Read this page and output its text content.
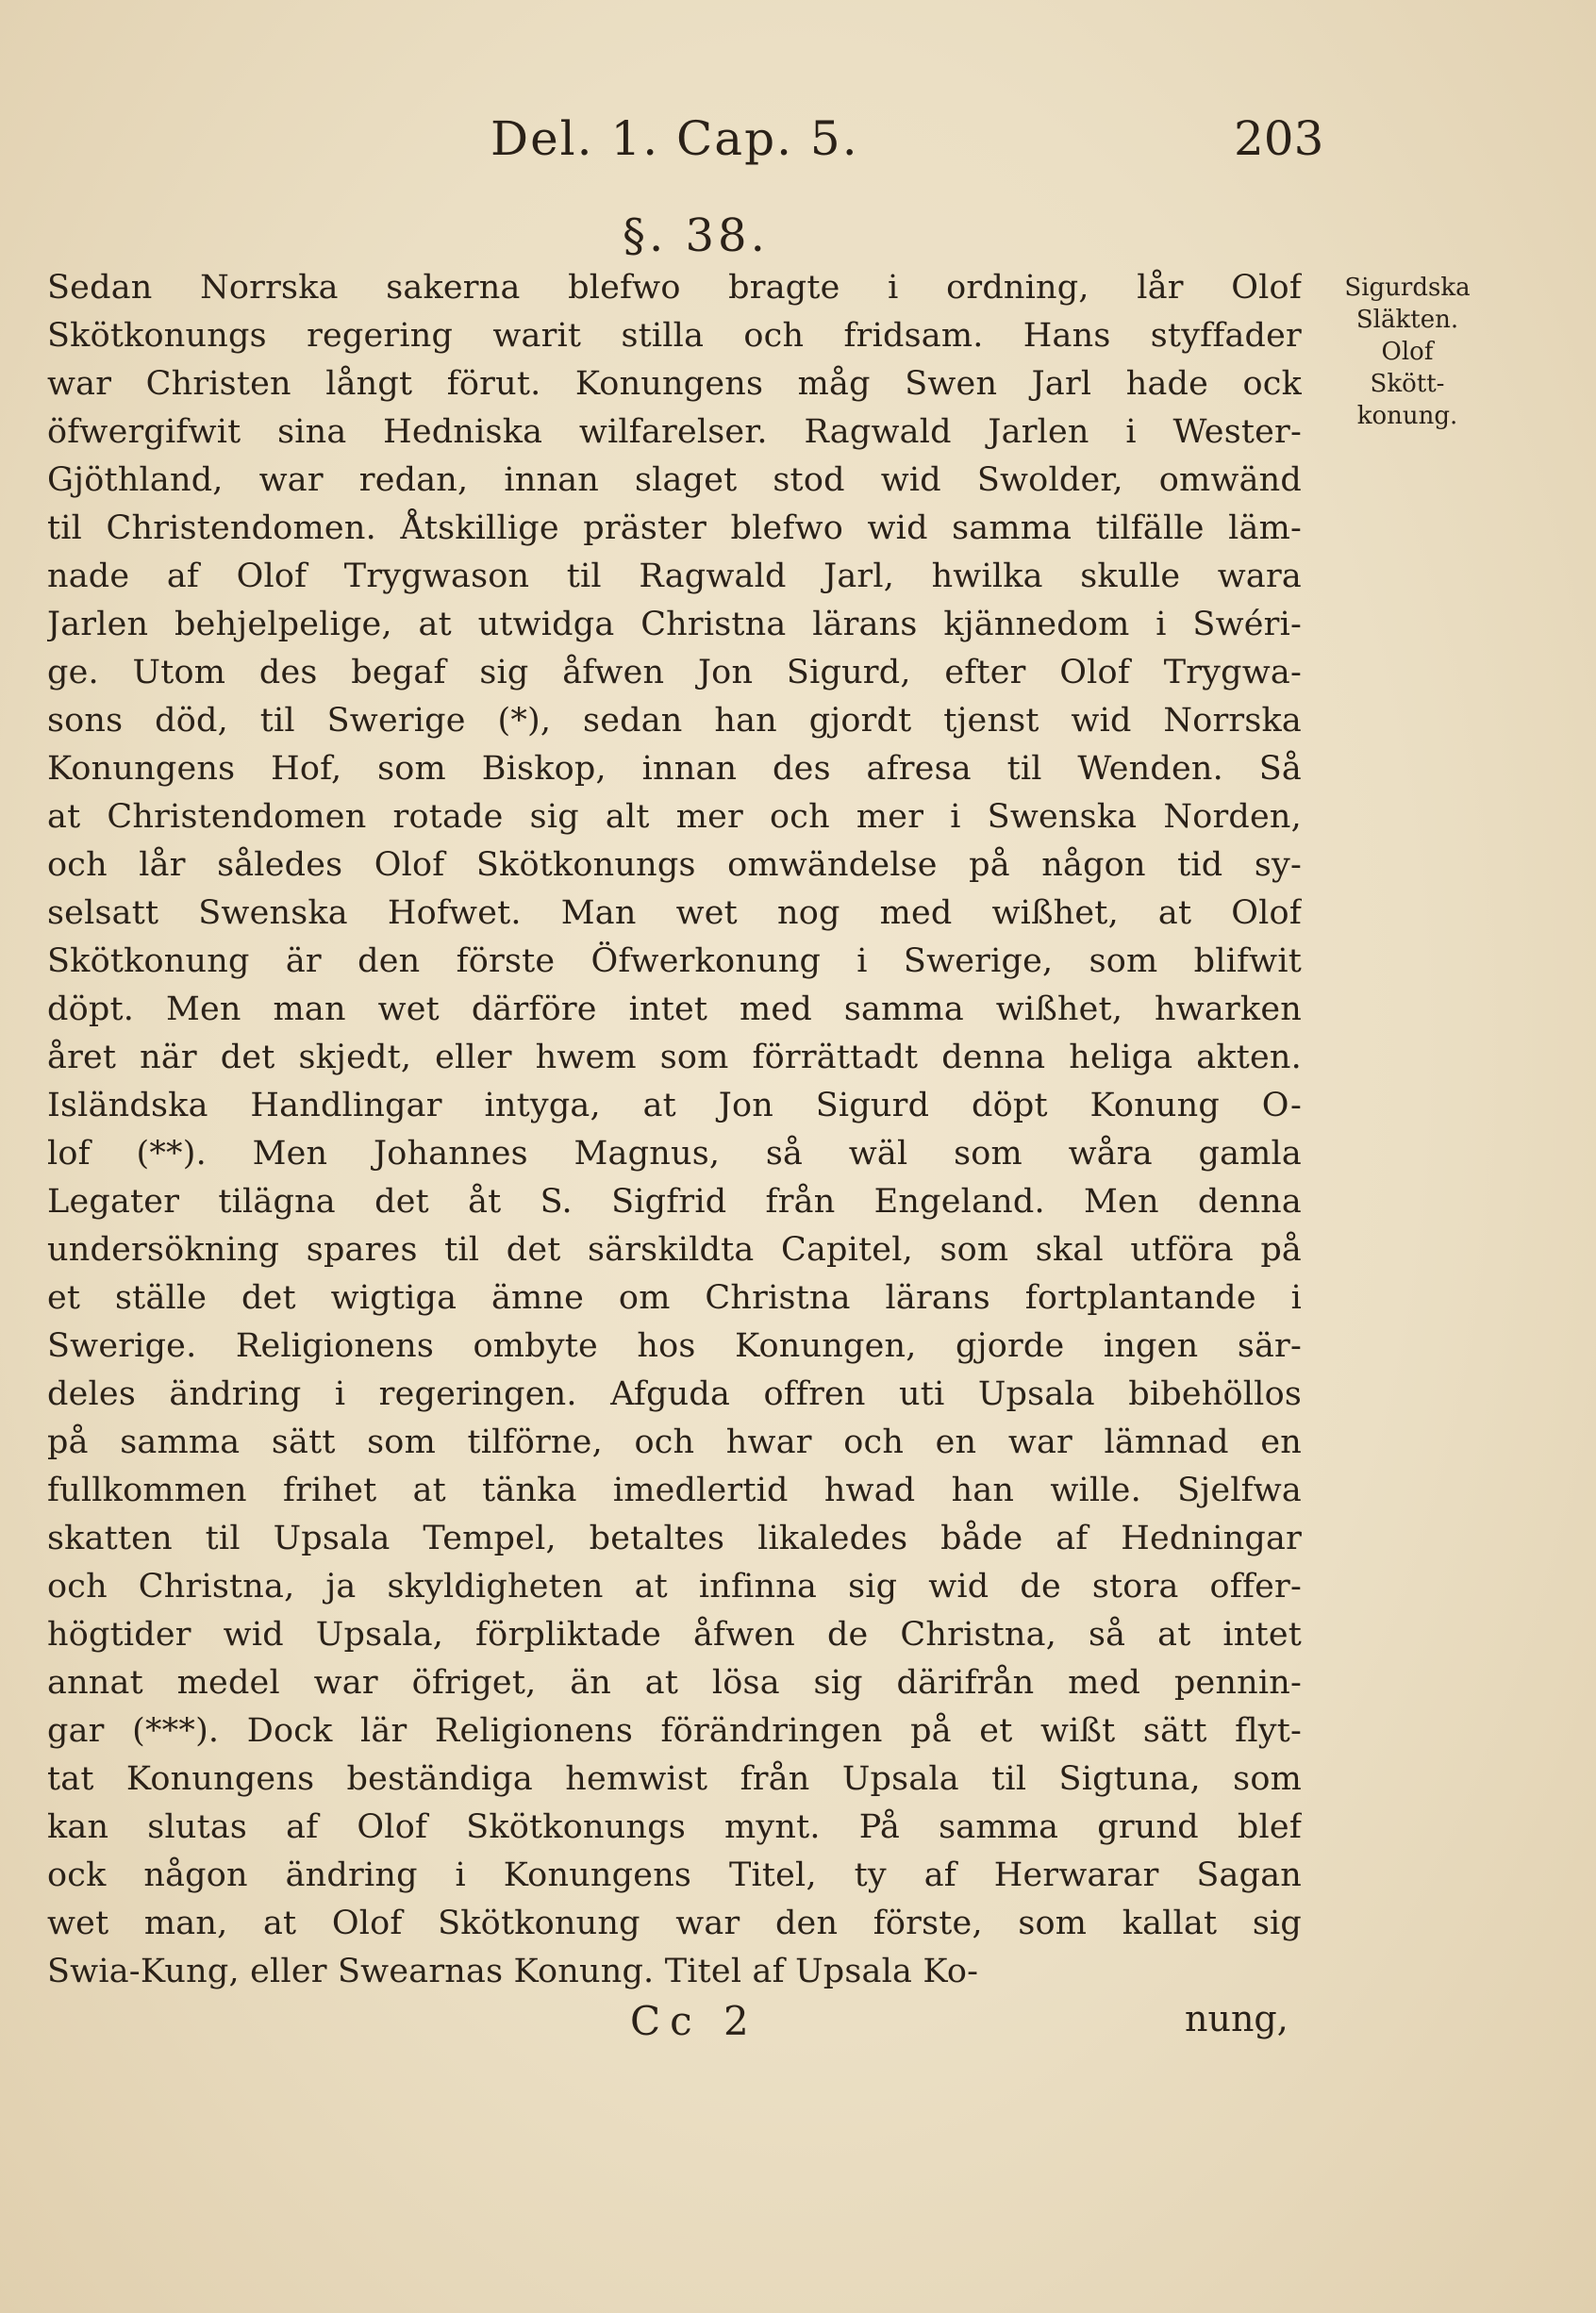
Del. 1. Cap. 5.	203
§. 38.
Sigurdska
Släkten.
Olof
Skött-
konung.
Sedan Norrska sakerna blefwo bragte i ordning, lår Olof
Skötkonungs regering warit stilla och fridsam. Hans styffader
war Christen långt förut. Konungens måg Swen Jarl hade ock
öfwergifwit sina Hedniska wilfarelser. Ragwald Jarlen i Wester-
Gjöthland, war redan, innan slaget stod wid Swolder, omwänd
til Christendomen. Åtskillige präster blefwo wid samma tilfälle läm-
nade af Olof Trygwason til Ragwald Jarl, hwilka skulle wara
Jarlen behjelpelige, at utwidga Christna lärans kjännedom i Swéri-
ge. Utom des begaf sig åfwen Jon Sigurd, efter Olof Trygwa-
sons död, til Swerige (*), sedan han gjordt tjenst wid Norrska
Konungens Hof, som Biskop, innan des afresa til Wenden. Så
at Christendomen rotade sig alt mer och mer i Swenska Norden,
och lår således Olof Skötkonungs omwändelse på någon tid sy-
selsatt Swenska Hofwet. Man wet nog med wißhet, at Olof
Skötkonung är den förste Öfwerkonung i Swerige, som blifwit
döpt. Men man wet därföre intet med samma wißhet, hwarken
året när det skjedt, eller hwem som förrättadt denna heliga akten.
Isländska Handlingar intyga, at Jon Sigurd döpt Konung O-
lof (**). Men Johannes Magnus, så wäl som wåra gamla
Legater tilägna det åt S. Sigfrid från Engeland. Men denna
undersökning spares til det särskildta Capitel, som skal utföra på
et ställe det wigtiga ämne om Christna lärans fortplantande i
Swerige. Religionens ombyte hos Konungen, gjorde ingen sär-
deles ändring i regeringen. Afguda offren uti Upsala bibehöllos
på samma sätt som tilförne, och hwar och en war lämnad en
fullkommen frihet at tänka imedlertid hwad han wille. Sjelfwa
skatten til Upsala Tempel, betaltes likaledes både af Hedningar
och Christna, ja skyldigheten at infinna sig wid de stora offer-
högtider wid Upsala, förpliktade åfwen de Christna, så at intet
annat medel war öfriget, än at lösa sig därifrån med pennin-
gar (***). Dock lär Religionens förändringen på et wißt sätt flyt-
tat Konungens beständiga hemwist från Upsala til Sigtuna, som
kan slutas af Olof Skötkonungs mynt. På samma grund blef
ock någon ändring i Konungens Titel, ty af Herwarar Sagan
wet man, at Olof Skötkonung war den förste, som kallat sig
Swia-Kung, eller Swearnas Konung. Titel af Upsala Ko-
Cc 2	nung,
